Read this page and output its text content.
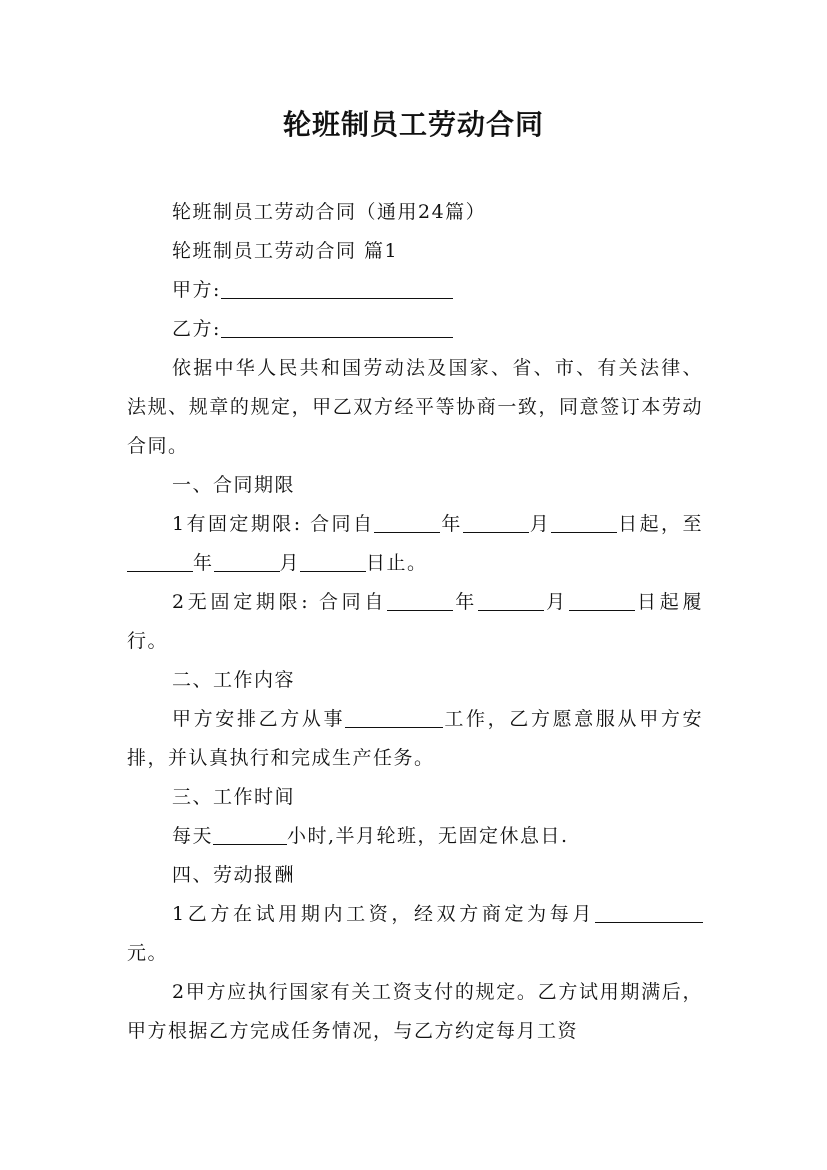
轮班制员工劳动合同

轮班制员工劳动合同（通用24篇）

轮班制员工劳动合同 篇1

甲方:

乙方:

依据中华人民共和国劳动法及国家、省、市、有关法律、法规、规章的规定，甲乙双方经平等协商一致，同意签订本劳动合同。

一、合同期限

1有固定期限: 合同自	年	月	日起，至年	月	日止。

2无固定期限: 合同自	年	月	日起履行。

二、工作内容

甲方安排乙方从事	工作，乙方愿意服从甲方安排，并认真执行和完成生产任务。

三、工作时间

每天	小时,半月轮班，无固定休息日.

四、劳动报酬

1乙方在试用期内工资，经双方商定为每月元。

2甲方应执行国家有关工资支付的规定。乙方试用期满后，甲方根据乙方完成任务情况，与乙方约定每月工资
